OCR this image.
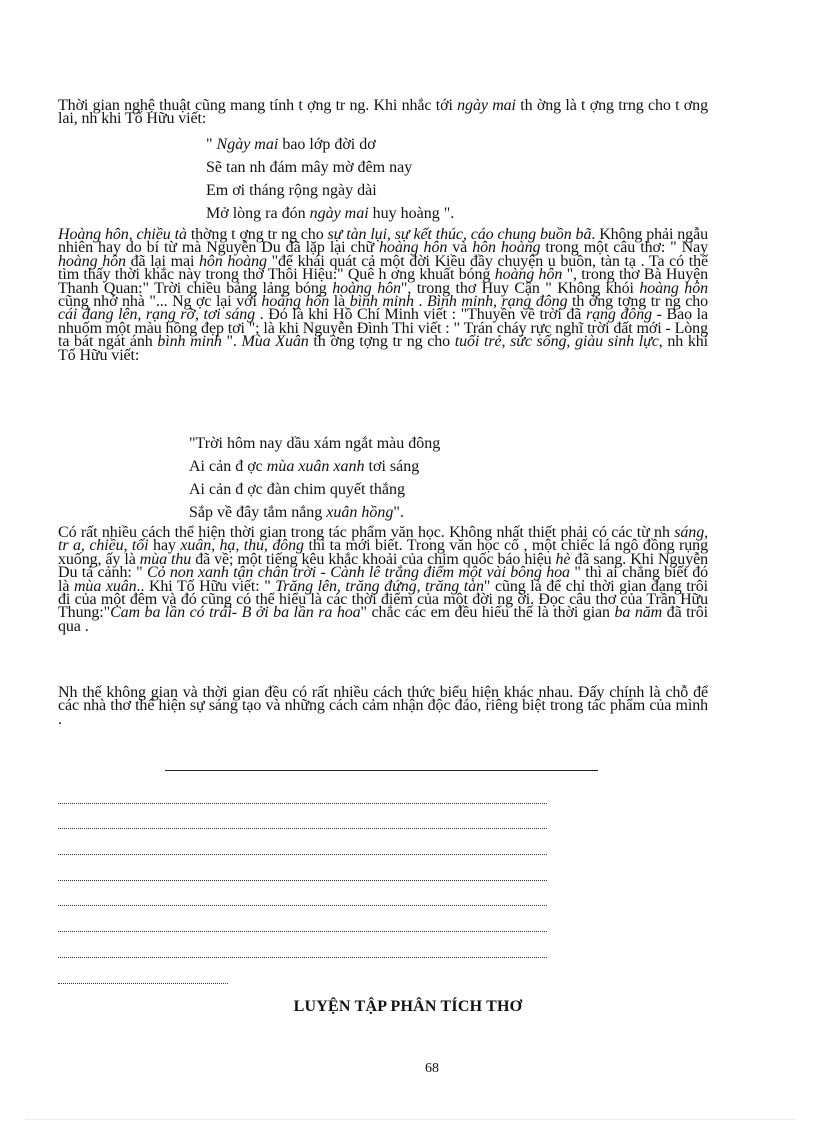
Thời gian nghệ thuật cũng mang tính t ợng tr ng. Khi nhắc tới ngày mai th ờng là t ợng trng cho t ơng lai, nh khi Tố Hữu viết:

" Ngày mai bao lớp đời dơ
Sẽ tan nh đám mây mờ đêm nay
Em ơi tháng rộng ngày dài
Mở lòng ra đón ngày mai huy hoàng ".

Hoàng hôn, chiều tà thờng t ợng tr ng cho sự tàn lụi, sự kết thúc, cáo chung buồn bã. Không phải ngẫu nhiên hay do bí từ mà Nguyễn Du đã lặp lại chữ hoàng hôn và hôn hoàng trong một câu thơ: " Nay hoàng hôn đã lại mai hôn hoàng "để khái quát cả một đời Kiều đầy chuyện u buồn, tàn tạ . Ta có thể tìm thấy thời khắc này trong thơ Thôi Hiệu:" Quê h ơng khuất bóng hoàng hôn ", trong thơ Bà Huyện Thanh Quan:" Trời chiều bảng lảng bóng hoàng hôn", trong thơ Huy Cận " Không khói hoàng hôn cũng nhớ nhà "... Ng ợc lại với hoàng hôn là bình minh . Bình minh, rạng đông th ờng tợng tr ng cho cái đang lên, rạng rỡ, tơi sáng . Đó là khi Hồ Chí Minh viết : "Thuyền về trời đã rạng đông - Bao la nhuốm một màu hồng đẹp tơi "; là khi Nguyễn Đình Thi viết : " Trán cháy rực nghĩ trời đất mới - Lòng ta bát ngát ánh bình minh ". Mùa Xuân th ờng tợng tr ng cho tuổi trẻ, sức sống, giàu sinh lực, nh khi Tố Hữu viết:

"Trời hôm nay dầu xám ngắt màu đông
Ai cản đ ợc mùa xuân xanh tơi sáng
Ai cản đ ợc đàn chim quyết thắng
Sắp về đây tắm nắng xuân hồng".

Có rất nhiều cách thể hiện thời gian trong tác phẩm văn học. Không nhất thiết phải có các từ nh sáng, tr a, chiều, tối hay xuân, hạ, thu, đông thì ta mới biết. Trong văn học cổ , một chiếc lá ngô đồng rụng xuống, ấy là mùa thu đã về; một tiếng kêu khắc khoải của chim quốc báo hiệu hè đã sang. Khi Nguyễn Du tả cảnh: " Cỏ non xanh tận chân trời - Cành lê trắng điểm một vài bông hoa " thì ai chẳng biết đó là mùa xuân.. Khi Tố Hữu viết: " Trăng lên, trăng đứng, trăng tàn" cũng là để chỉ thời gian đang trôi đi của một đêm và đó cũng có thể hiểu là các thời điểm của một đời ng ời. Đọc câu thơ của Trần Hữu Thung:"Cam ba lần có trái- B ởi ba lần ra hoa" chắc các em đều hiểu thế là thời gian ba năm đã trôi qua .

Nh thế không gian và thời gian đều có rất nhiều cách thức biểu hiện khác nhau. Đấy chính là chỗ để các nhà thơ thể hiện sự sáng tạo và những cách cảm nhận độc đáo, riêng biệt trong tác phẩm của mình .

LUYỆN TẬP PHÂN TÍCH THƠ
68
